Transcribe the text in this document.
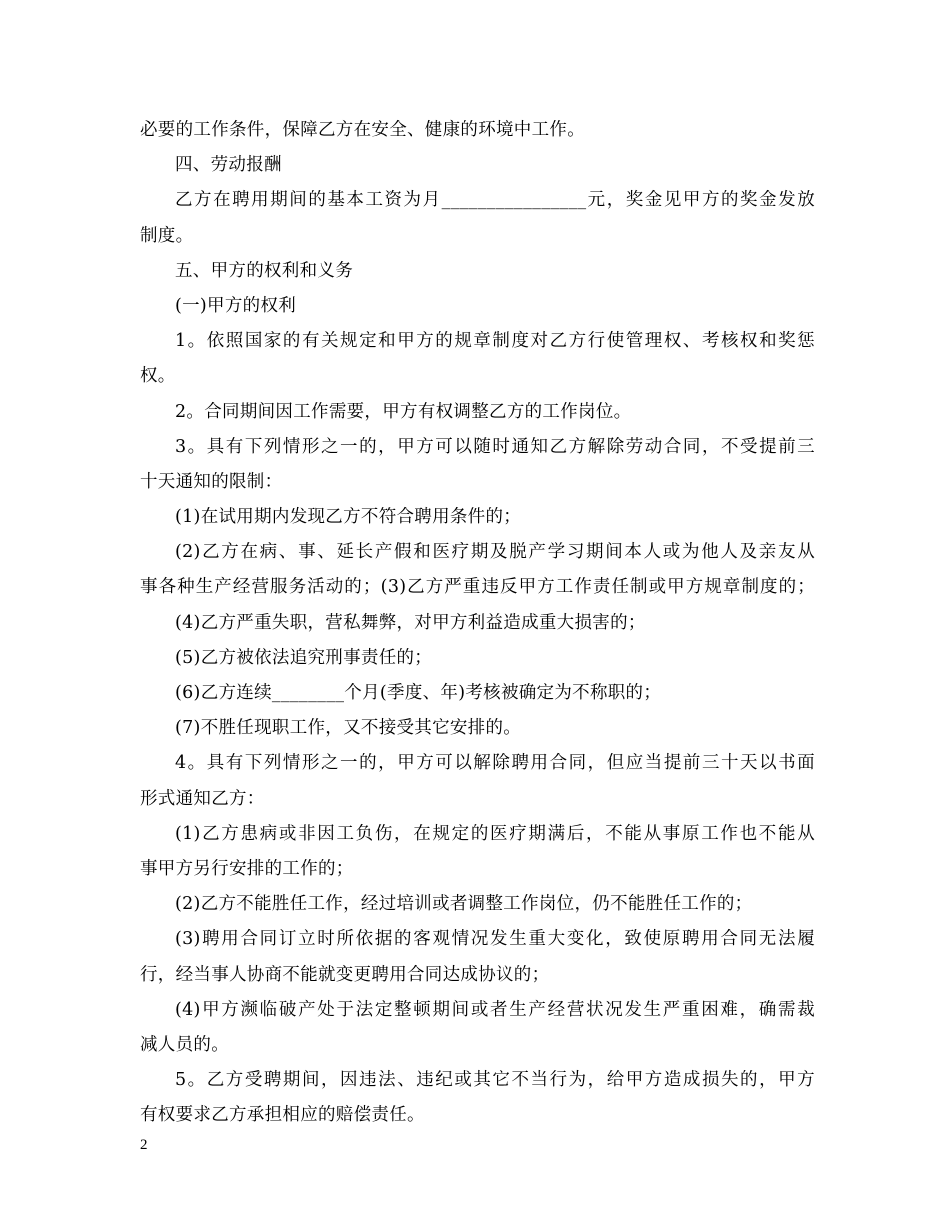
必要的工作条件，保障乙方在安全、健康的环境中工作。
四、劳动报酬
乙方在聘用期间的基本工资为月________________元，奖金见甲方的奖金发放
制度。
五、甲方的权利和义务
(一)甲方的权利
1。依照国家的有关规定和甲方的规章制度对乙方行使管理权、考核权和奖惩
权。
2。合同期间因工作需要，甲方有权调整乙方的工作岗位。
3。具有下列情形之一的，甲方可以随时通知乙方解除劳动合同，不受提前三
十天通知的限制：
(1)在试用期内发现乙方不符合聘用条件的；
(2)乙方在病、事、延长产假和医疗期及脱产学习期间本人或为他人及亲友从
事各种生产经营服务活动的；(3)乙方严重违反甲方工作责任制或甲方规章制度的；
(4)乙方严重失职，营私舞弊，对甲方利益造成重大损害的；
(5)乙方被依法追究刑事责任的；
(6)乙方连续________个月(季度、年)考核被确定为不称职的；
(7)不胜任现职工作，又不接受其它安排的。
4。具有下列情形之一的，甲方可以解除聘用合同，但应当提前三十天以书面
形式通知乙方：
(1)乙方患病或非因工负伤，在规定的医疗期满后，不能从事原工作也不能从
事甲方另行安排的工作的；
(2)乙方不能胜任工作，经过培训或者调整工作岗位，仍不能胜任工作的；
(3)聘用合同订立时所依据的客观情况发生重大变化，致使原聘用合同无法履
行，经当事人协商不能就变更聘用合同达成协议的；
(4)甲方濒临破产处于法定整顿期间或者生产经营状况发生严重困难，确需裁
减人员的。
5。乙方受聘期间，因违法、违纪或其它不当行为，给甲方造成损失的，甲方
有权要求乙方承担相应的赔偿责任。
2
